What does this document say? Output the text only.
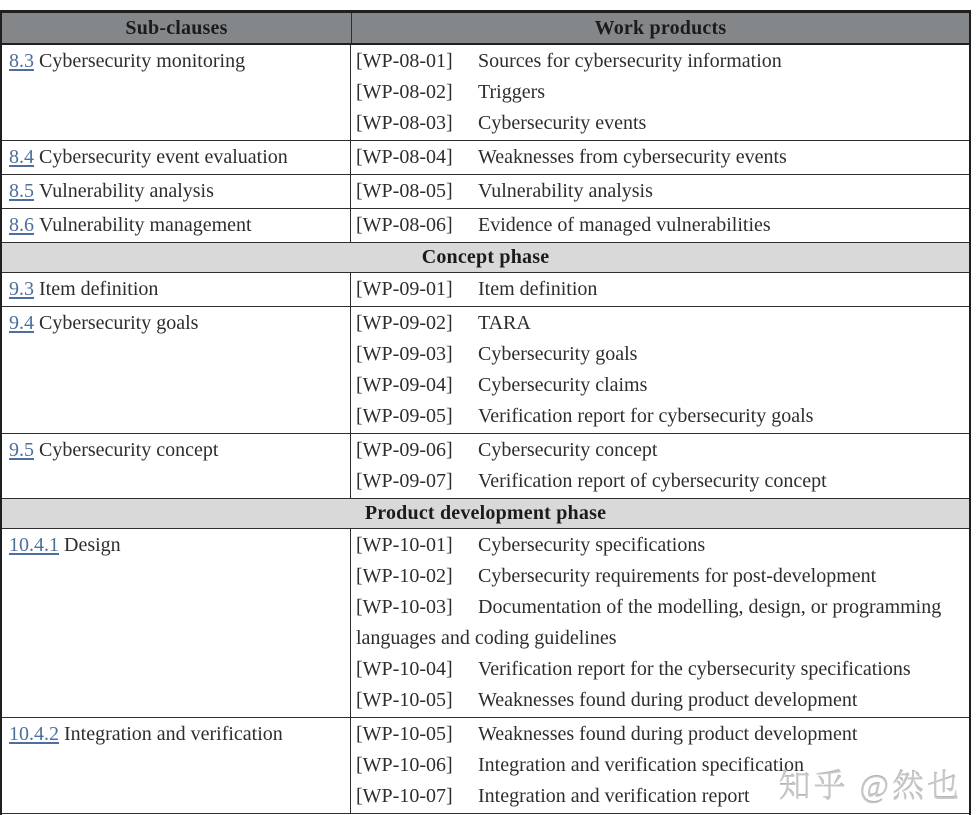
Sub-clauses	Work products
8.3 Cybersecurity monitoring	[WP-08-01] Sources for cybersecurity information
[WP-08-02] Triggers
[WP-08-03] Cybersecurity events
8.4 Cybersecurity event evaluation	[WP-08-04] Weaknesses from cybersecurity events
8.5 Vulnerability analysis	[WP-08-05] Vulnerability analysis
8.6 Vulnerability management	[WP-08-06] Evidence of managed vulnerabilities
Concept phase
9.3 Item definition	[WP-09-01] Item definition
9.4 Cybersecurity goals	[WP-09-02] TARA
[WP-09-03] Cybersecurity goals
[WP-09-04] Cybersecurity claims
[WP-09-05] Verification report for cybersecurity goals
9.5 Cybersecurity concept	[WP-09-06] Cybersecurity concept
[WP-09-07] Verification report of cybersecurity concept
Product development phase
10.4.1 Design	[WP-10-01] Cybersecurity specifications
[WP-10-02] Cybersecurity requirements for post-development
[WP-10-03] Documentation of the modelling, design, or programming languages and coding guidelines
[WP-10-04] Verification report for the cybersecurity specifications
[WP-10-05] Weaknesses found during product development
10.4.2 Integration and verification	[WP-10-05] Weaknesses found during product development
[WP-10-06] Integration and verification specification
[WP-10-07] Integration and verification report 知乎 @然也
